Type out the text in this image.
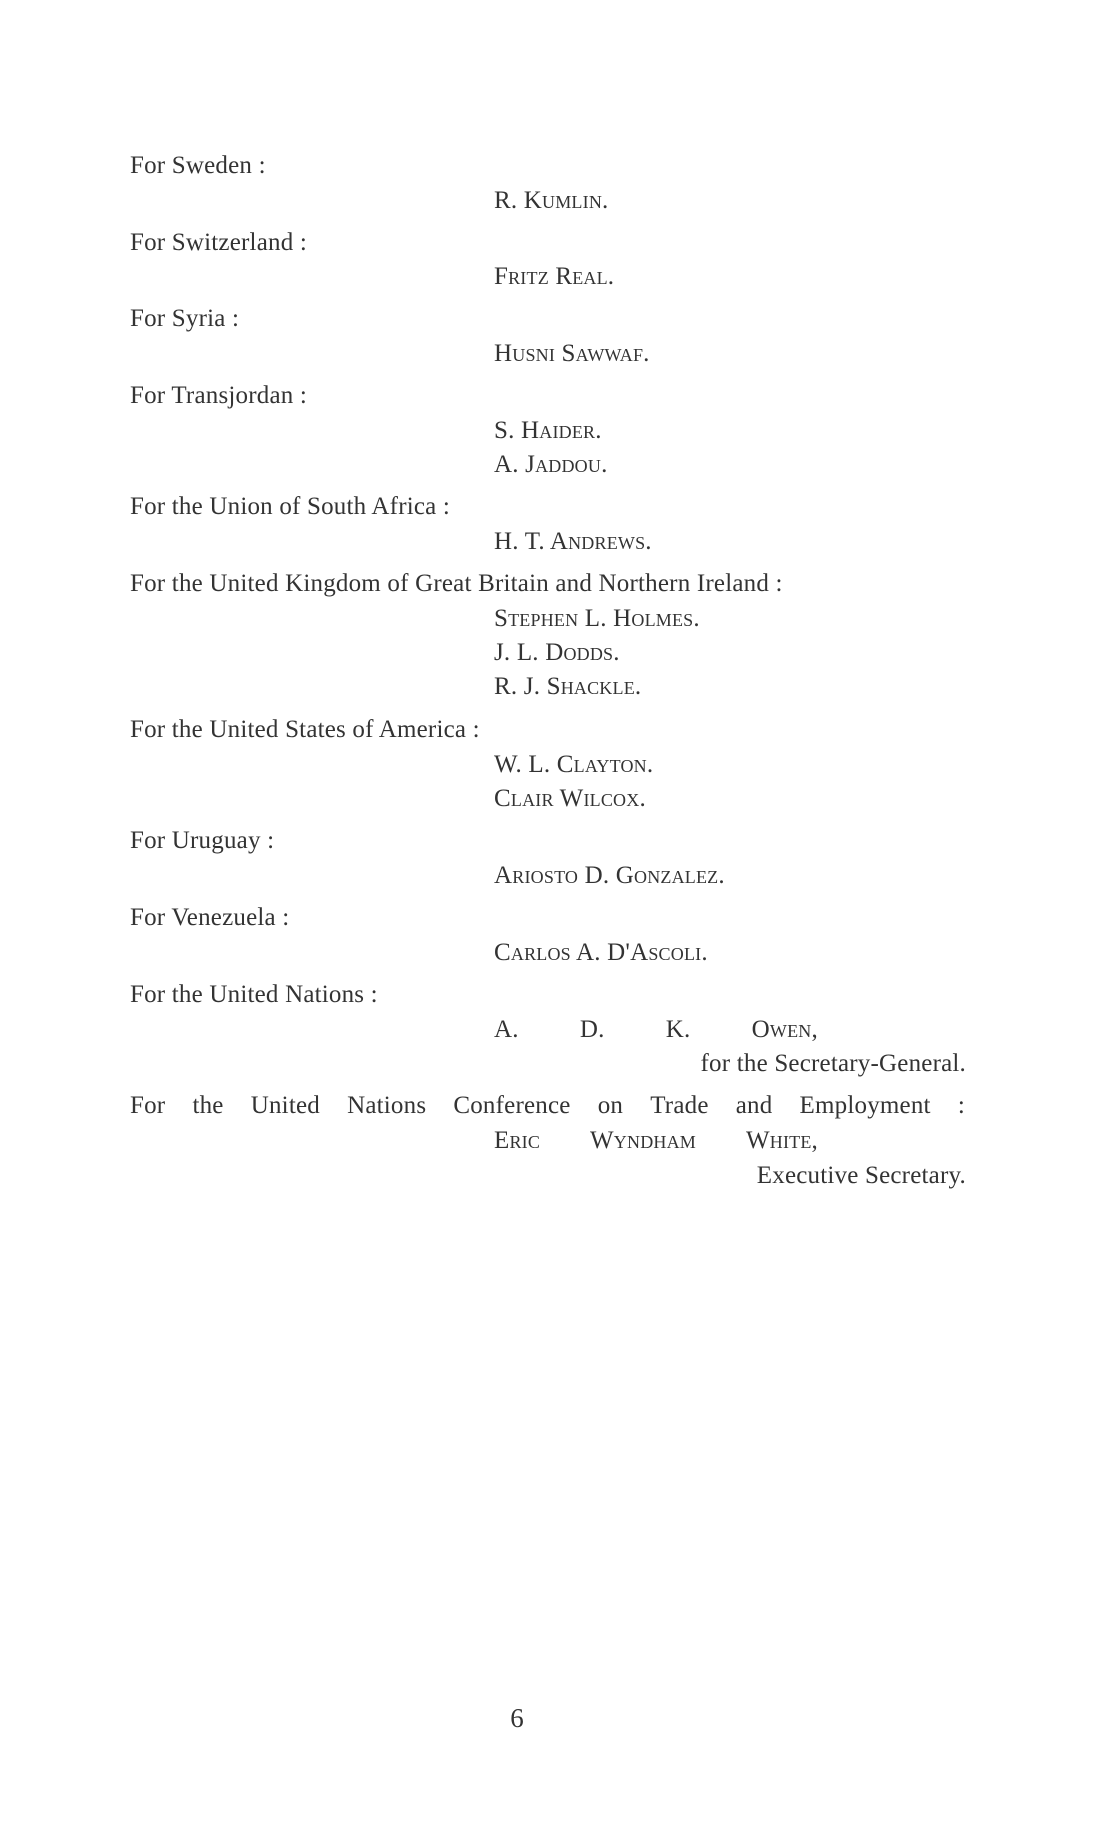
For Sweden :
R. Kumlin.
For Switzerland :
Fritz Real.
For Syria :
Husni Sawwaf.
For Transjordan :
S. Haider.
A. Jaddou.
For the Union of South Africa :
H. T. Andrews.
For the United Kingdom of Great Britain and Northern Ireland :
Stephen L. Holmes.
J. L. Dodds.
R. J. Shackle.
For the United States of America :
W. L. Clayton.
Clair Wilcox.
For Uruguay :
Ariosto D. Gonzalez.
For Venezuela :
Carlos A. D'Ascoli.
For the United Nations :
A. D. K. Owen,
for the Secretary-General.
For the United Nations Conference on Trade and Employment :
Eric Wyndham White,
Executive Secretary.
6
